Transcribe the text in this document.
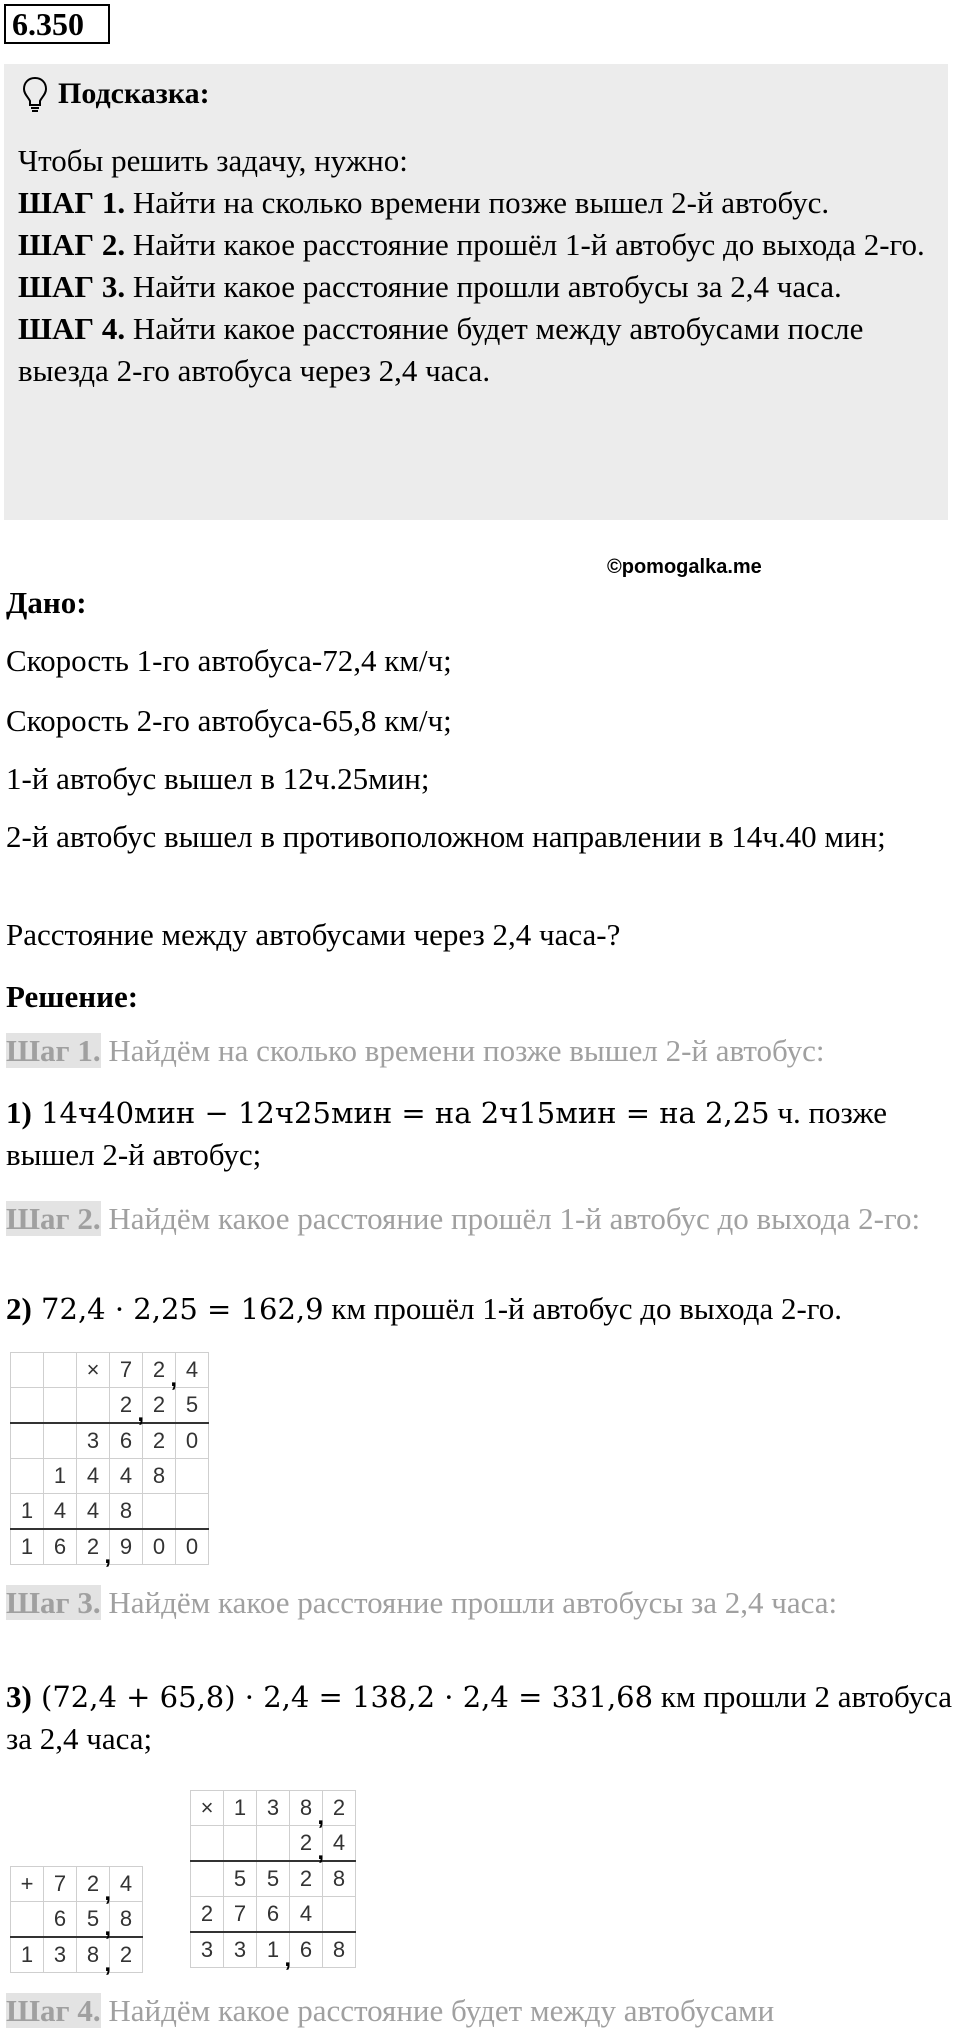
6.350
Подсказка:

Чтобы решить задачу, нужно:

ШАГ 1. Найти на сколько времени позже вышел 2-й автобус.

ШАГ 2. Найти какое расстояние прошёл 1-й автобус до выхода 2-го.

ШАГ 3. Найти какое расстояние прошли автобусы за 2,4 часа.

ШАГ 4. Найти какое расстояние будет между автобусами после выезда 2-го автобуса через 2,4 часа.

©pomogalka.me
Дано:
Скорость 1-го автобуса-72,4 км/ч;
Скорость 2-го автобуса-65,8 км/ч;
1-й автобус вышел в 12ч.25мин;
2-й автобус вышел в противоположном направлении в 14ч.40 мин;
Расстояние между автобусами через 2,4 часа-?
Решение:
Шаг 1. Найдём на сколько времени позже вышел 2-й автобус:
1) 14ч40мин − 12ч25мин = на 2ч15мин = на 2,25 ч. позже вышел 2-й автобус;
Шаг 2. Найдём какое расстояние прошёл 1-й автобус до выхода 2-го:
2) 72,4 · 2,25 = 162,9 км прошёл 1-й автобус до выхода 2-го.
		×	7	2 ,	4
			2 ,	2	5
		3	6	2	0
	1	4	4	8	
1	4	4	8		
1	6	2 ,	9	0	0
Шаг 3. Найдём какое расстояние прошли автобусы за 2,4 часа:
3) (72,4 + 65,8) · 2,4 = 138,2 · 2,4 = 331,68 км прошли 2 автобуса за 2,4 часа;
+	7	2 ,	4
	6	5 ,	8
1	3	8 ,	2
×	1	3	8 ,	2
			2 ,	4
	5	5	2	8
2	7	6	4	
3	3	1 ,	6	8
Шаг 4. Найдём какое расстояние будет между автобусами
